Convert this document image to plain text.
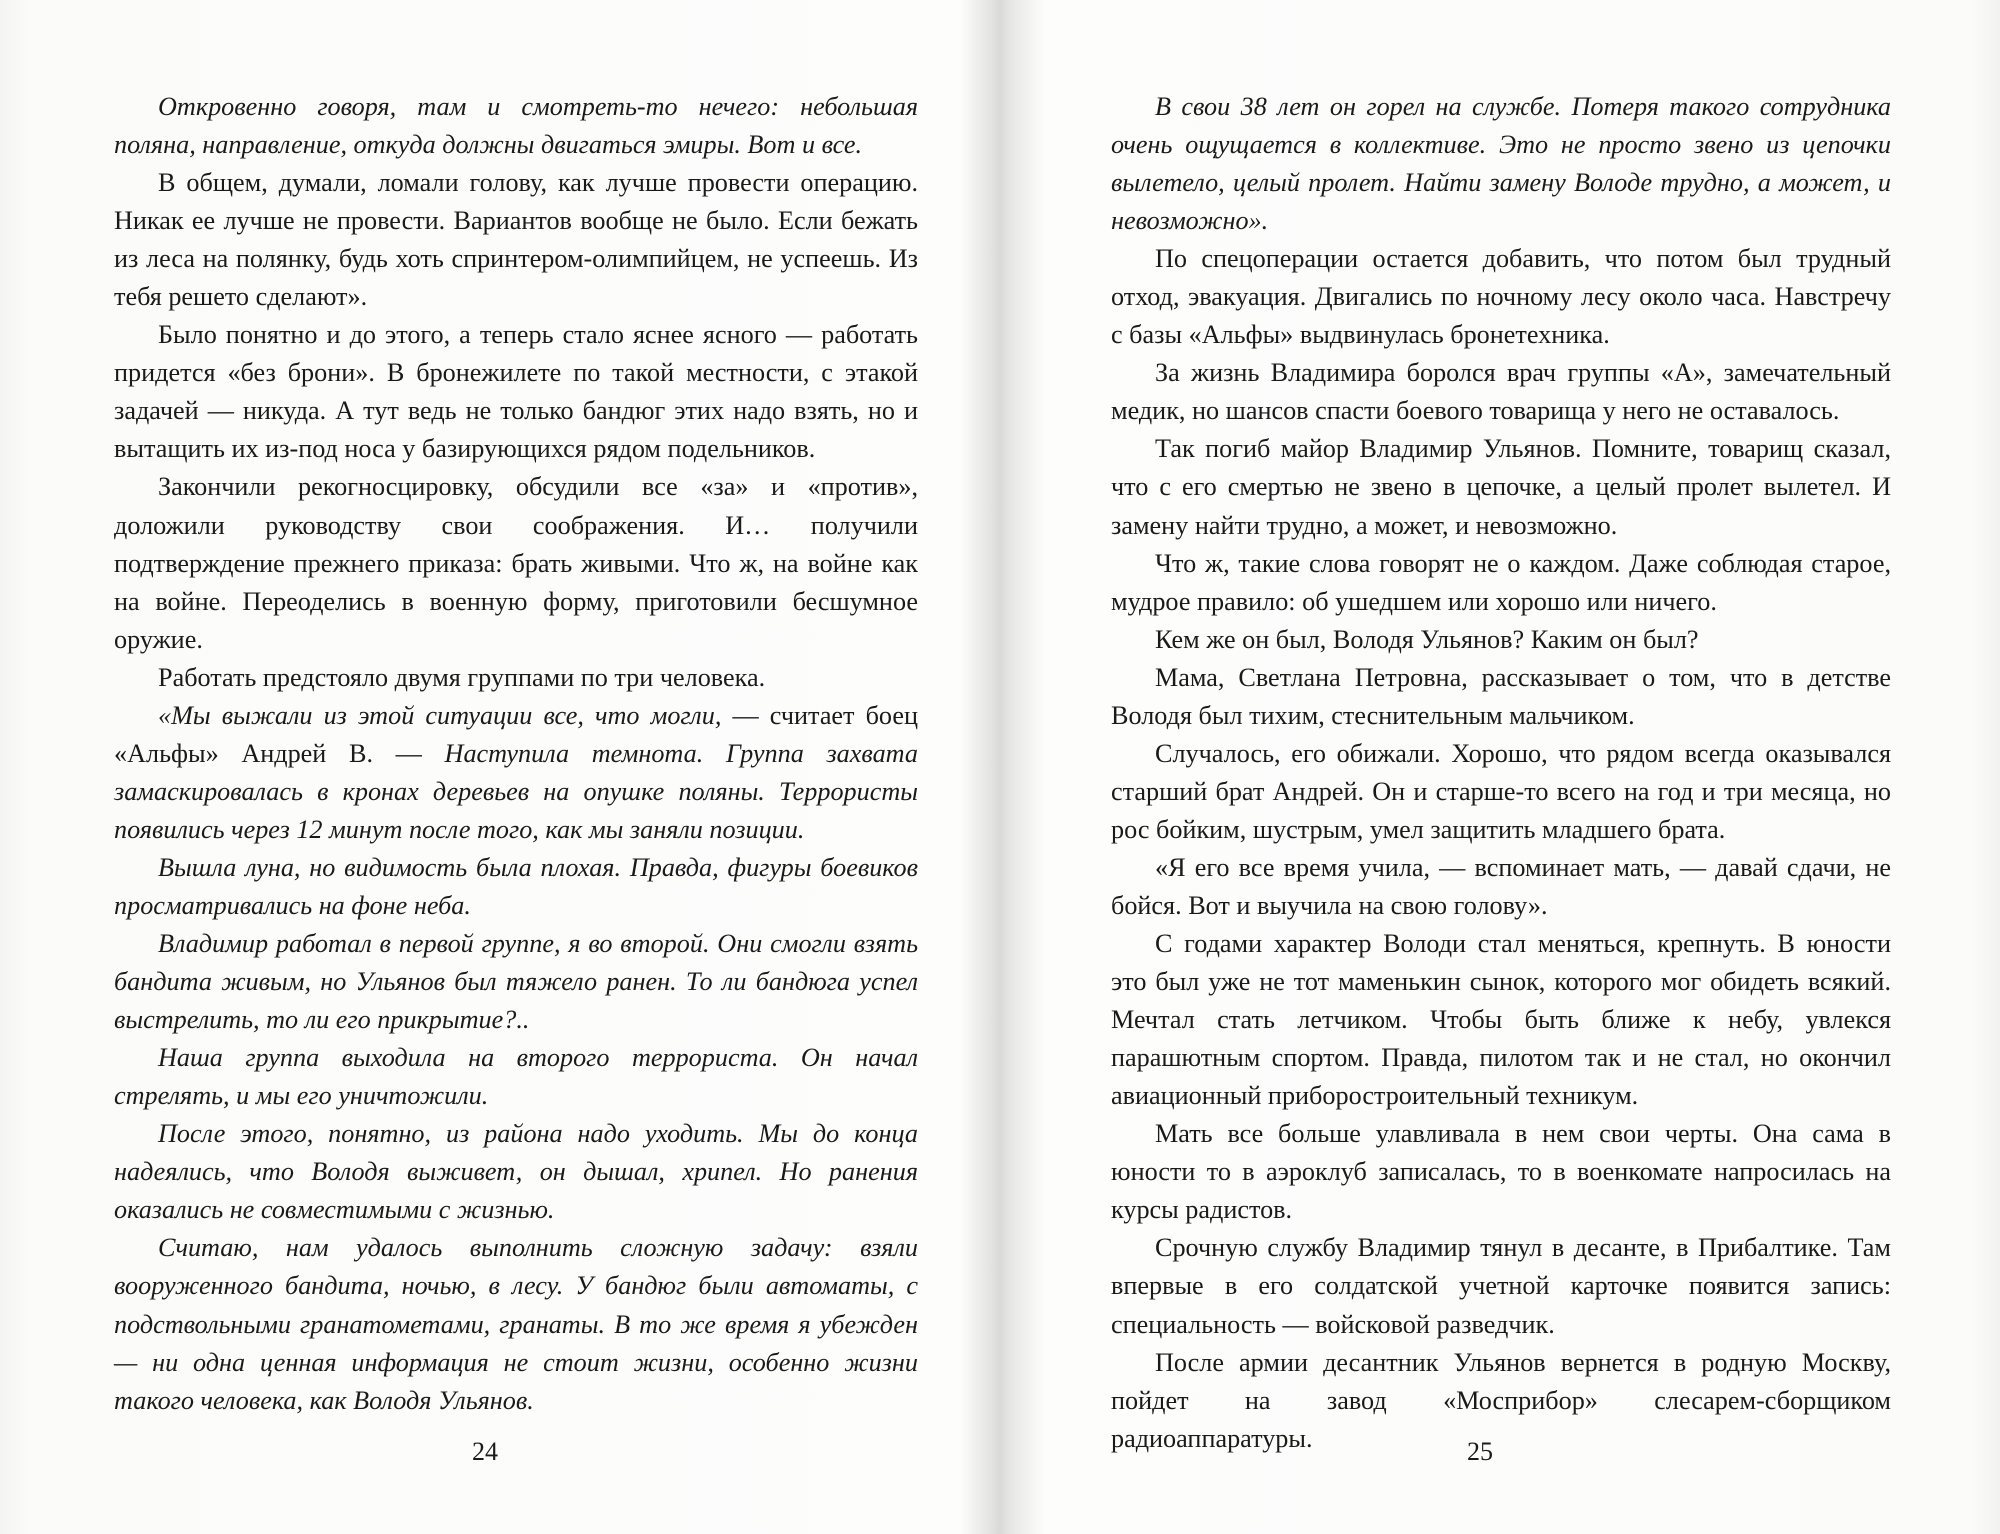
Откровенно говоря, там и смотреть-то нечего: небольшая поляна, направление, откуда должны двигаться эмиры. Вот и все.

В общем, думали, ломали голову, как лучше провести операцию. Никак ее лучше не провести. Вариантов вообще не было. Если бежать из леса на полянку, будь хоть спринтером-олимпийцем, не успеешь. Из тебя решето сделают».

Было понятно и до этого, а теперь стало яснее ясного — работать придется «без брони». В бронежилете по такой местности, с этакой задачей — никуда. А тут ведь не только бандюг этих надо взять, но и вытащить их из-под носа у базирующихся рядом подельников.

Закончили рекогносцировку, обсудили все «за» и «против», доложили руководству свои соображения. И… получили подтверждение прежнего приказа: брать живыми. Что ж, на войне как на войне. Переоделись в военную форму, приготовили бесшумное оружие.

Работать предстояло двумя группами по три человека.

«Мы выжали из этой ситуации все, что могли, — считает боец «Альфы» Андрей В. — Наступила темнота. Группа захвата замаскировалась в кронах деревьев на опушке поляны. Террористы появились через 12 минут после того, как мы заняли позиции.

Вышла луна, но видимость была плохая. Правда, фигуры боевиков просматривались на фоне неба.

Владимир работал в первой группе, я во второй. Они смогли взять бандита живым, но Ульянов был тяжело ранен. То ли бандюга успел выстрелить, то ли его прикрытие?..

Наша группа выходила на второго террориста. Он начал стрелять, и мы его уничтожили.

После этого, понятно, из района надо уходить. Мы до конца надеялись, что Володя выживет, он дышал, хрипел. Но ранения оказались не совместимыми с жизнью.

Считаю, нам удалось выполнить сложную задачу: взяли вооруженного бандита, ночью, в лесу. У бандюг были автоматы, с подствольными гранатометами, гранаты. В то же время я убежден — ни одна ценная информация не стоит жизни, особенно жизни такого человека, как Володя Ульянов.

24

В свои 38 лет он горел на службе. Потеря такого сотрудника очень ощущается в коллективе. Это не просто звено из цепочки вылетело, целый пролет. Найти замену Володе трудно, а может, и невозможно».

По спецоперации остается добавить, что потом был трудный отход, эвакуация. Двигались по ночному лесу около часа. Навстречу с базы «Альфы» выдвинулась бронетехника.

За жизнь Владимира боролся врач группы «А», замечательный медик, но шансов спасти боевого товарища у него не оставалось.

Так погиб майор Владимир Ульянов. Помните, товарищ сказал, что с его смертью не звено в цепочке, а целый пролет вылетел. И замену найти трудно, а может, и невозможно.

Что ж, такие слова говорят не о каждом. Даже соблюдая старое, мудрое правило: об ушедшем или хорошо или ничего.

Кем же он был, Володя Ульянов? Каким он был?

Мама, Светлана Петровна, рассказывает о том, что в детстве Володя был тихим, стеснительным мальчиком.

Случалось, его обижали. Хорошо, что рядом всегда оказывался старший брат Андрей. Он и старше-то всего на год и три месяца, но рос бойким, шустрым, умел защитить младшего брата.

«Я его все время учила, — вспоминает мать, — давай сдачи, не бойся. Вот и выучила на свою голову».

С годами характер Володи стал меняться, крепнуть. В юности это был уже не тот маменькин сынок, которого мог обидеть всякий. Мечтал стать летчиком. Чтобы быть ближе к небу, увлекся парашютным спортом. Правда, пилотом так и не стал, но окончил авиационный приборостроительный техникум.

Мать все больше улавливала в нем свои черты. Она сама в юности то в аэроклуб записалась, то в военкомате напросилась на курсы радистов.

Срочную службу Владимир тянул в десанте, в Прибалтике. Там впервые в его солдатской учетной карточке появится запись: специальность — войсковой разведчик.

После армии десантник Ульянов вернется в родную Москву, пойдет на завод «Мосприбор» слесарем-сборщиком радиоаппаратуры.	25
